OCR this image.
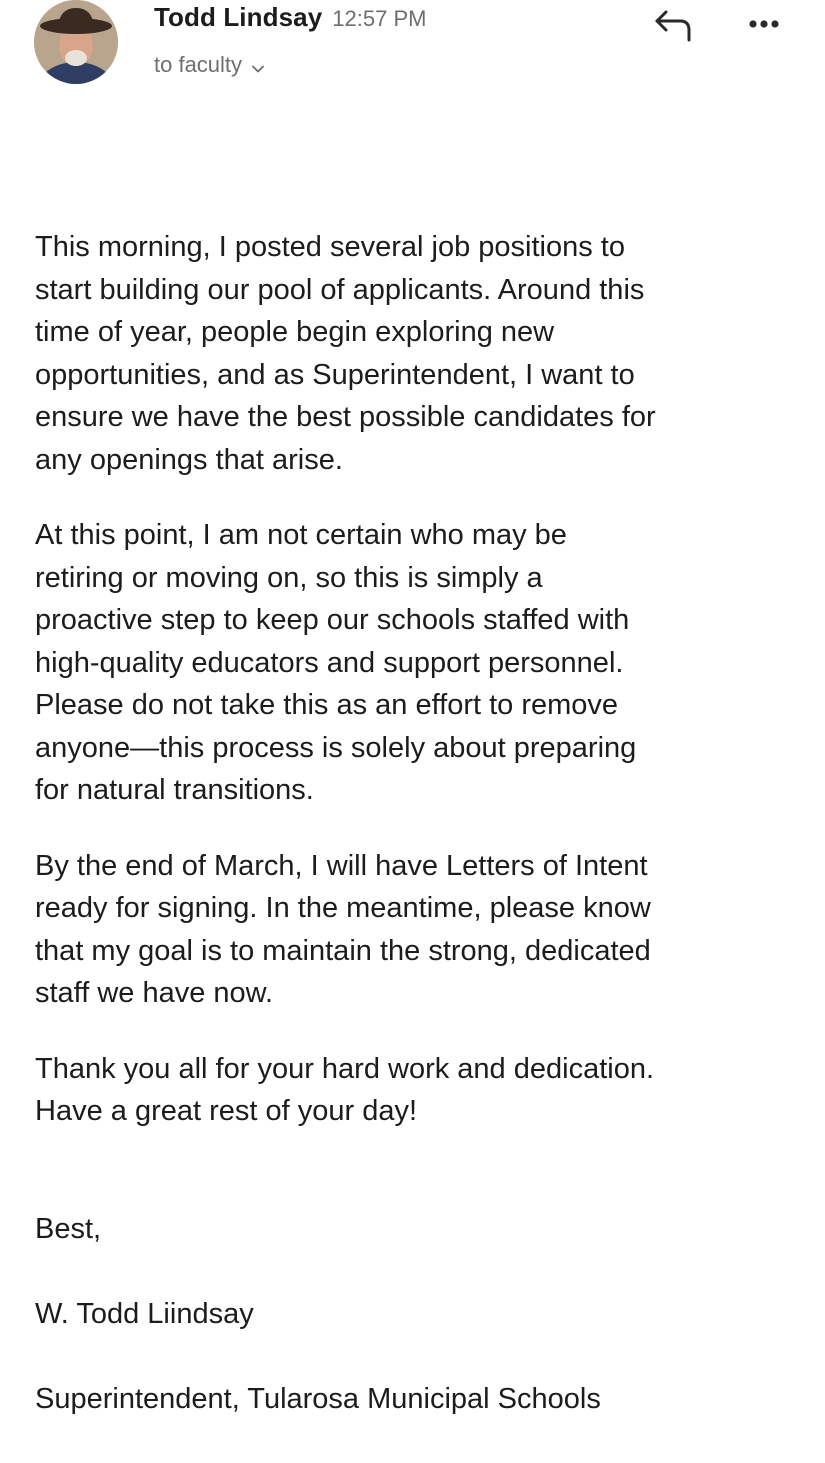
Todd Lindsay 12:57 PM
to faculty

This morning, I posted several job positions to
start building our pool of applicants. Around this
time of year, people begin exploring new
opportunities, and as Superintendent, I want to
ensure we have the best possible candidates for
any openings that arise.

At this point, I am not certain who may be
retiring or moving on, so this is simply a
proactive step to keep our schools staffed with
high-quality educators and support personnel.
Please do not take this as an effort to remove
anyone—this process is solely about preparing
for natural transitions.

By the end of March, I will have Letters of Intent
ready for signing. In the meantime, please know
that my goal is to maintain the strong, dedicated
staff we have now.

Thank you all for your hard work and dedication.
Have a great rest of your day!

Best,

W. Todd Liindsay

Superintendent, Tularosa Municipal Schools
